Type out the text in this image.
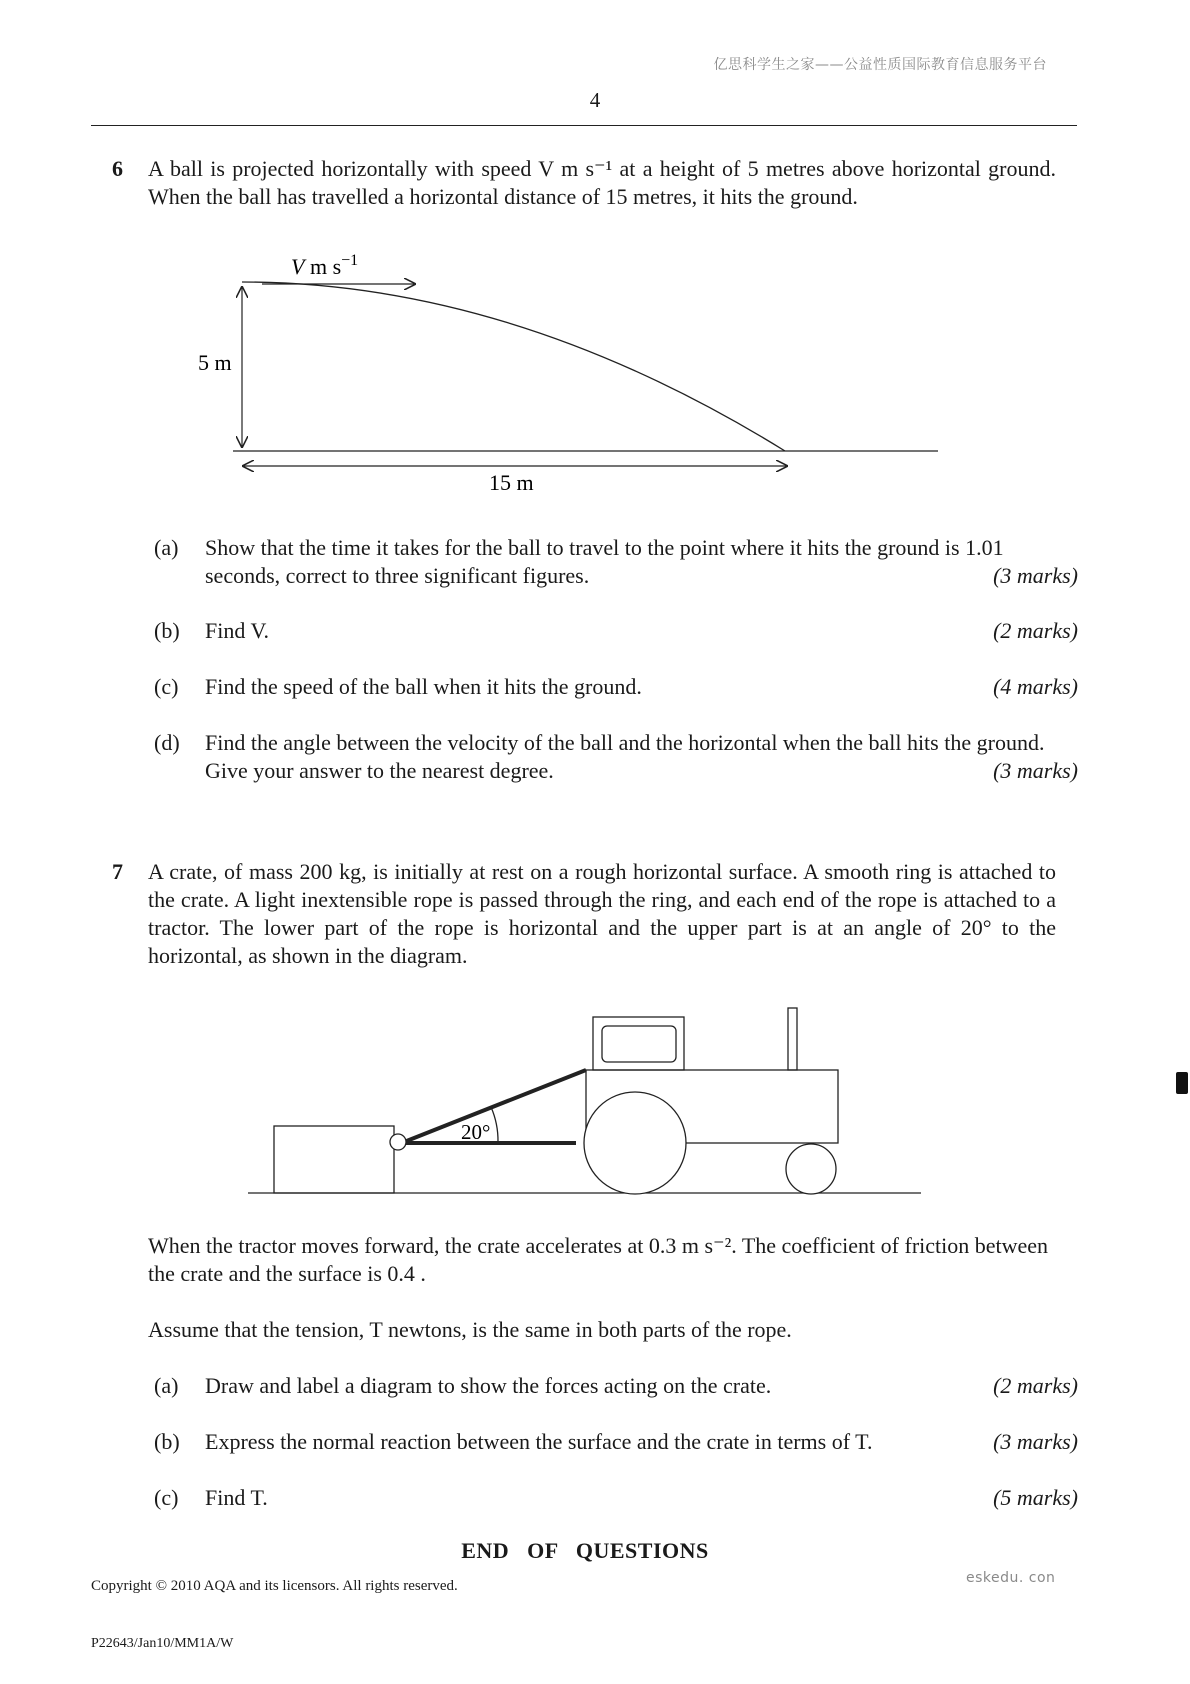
亿思科学生之家——公益性质国际教育信息服务平台
4
6 A ball is projected horizontally with speed V m s⁻¹ at a height of 5 metres above horizontal ground. When the ball has travelled a horizontal distance of 15 metres, it hits the ground.
V m $s^{-1}$
5 m
15 m
(a) Show that the time it takes for the ball to travel to the point where it hits the ground is 1.01 seconds, correct to three significant figures.	(3 marks)
(b) Find V.	(2 marks)
(c) Find the speed of the ball when it hits the ground.	(4 marks)
(d) Find the angle between the velocity of the ball and the horizontal when the ball hits the ground. Give your answer to the nearest degree.	(3 marks)
7 A crate, of mass 200 kg, is initially at rest on a rough horizontal surface. A smooth ring is attached to the crate. A light inextensible rope is passed through the ring, and each end of the rope is attached to a tractor. The lower part of the rope is horizontal and the upper part is at an angle of 20° to the horizontal, as shown in the diagram.
20°
When the tractor moves forward, the crate accelerates at 0.3 m s⁻². The coefficient of friction between the crate and the surface is 0.4 .
Assume that the tension, T newtons, is the same in both parts of the rope.
(a) Draw and label a diagram to show the forces acting on the crate.	(2 marks)
(b) Express the normal reaction between the surface and the crate in terms of T.	(3 marks)
(c) Find T.	(5 marks)
END   OF   QUESTIONS
Copyright © 2010 AQA and its licensors. All rights reserved.	eskedu. con
P22643/Jan10/MM1A/W
